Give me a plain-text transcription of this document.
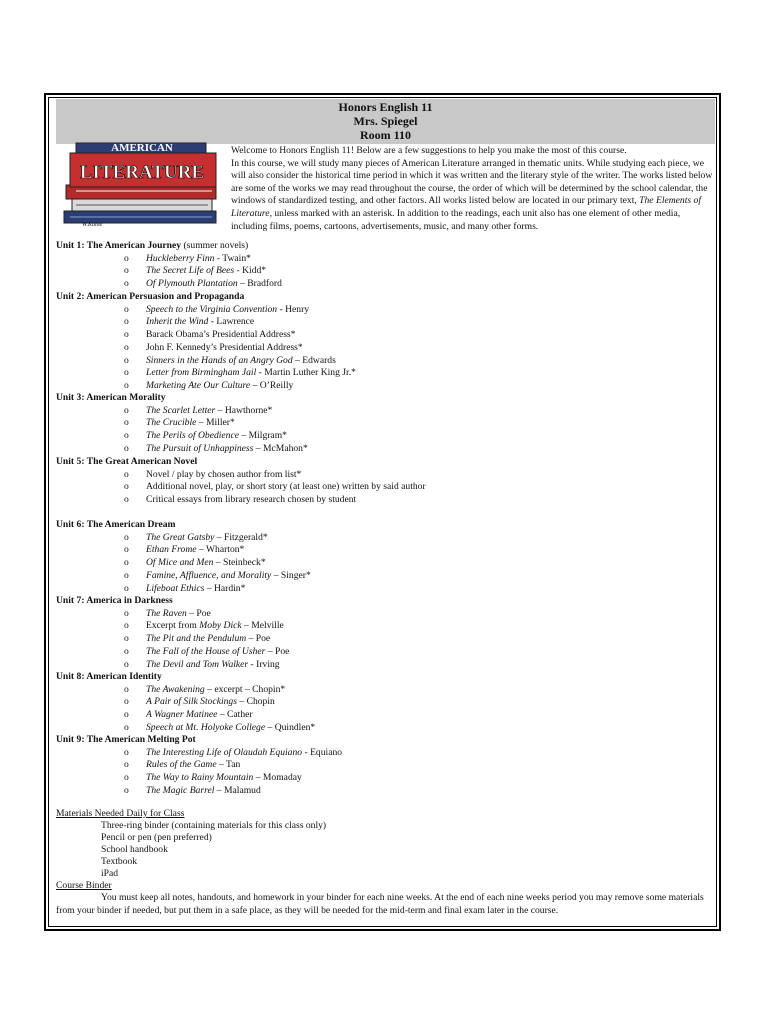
Honors English 11
Mrs. Spiegel
Room 110
AMERICAN
LITERATURE
W.Kaine
Welcome to Honors English 11! Below are a few suggestions to help you make the most of this course.
In this course, we will study many pieces of American Literature arranged in thematic units. While studying each piece, we will also consider the historical time period in which it was written and the literary style of the writer. The works listed below are some of the works we may read throughout the course, the order of which will be determined by the school calendar, the windows of standardized testing, and other factors. All works listed below are located in our primary text, The Elements of Literature, unless marked with an asterisk. In addition to the readings, each unit also has one element of other media, including films, poems, cartoons, advertisements, music, and many other forms.
Unit 1: The American Journey (summer novels)
o Huckleberry Finn - Twain*
o The Secret Life of Bees - Kidd*
o Of Plymouth Plantation – Bradford
Unit 2: American Persuasion and Propaganda
o Speech to the Virginia Convention - Henry
o Inherit the Wind - Lawrence
o Barack Obama’s Presidential Address*
o John F. Kennedy’s Presidential Address*
o Sinners in the Hands of an Angry God – Edwards
o Letter from Birmingham Jail - Martin Luther King Jr.*
o Marketing Ate Our Culture – O’Reilly
Unit 3: American Morality
o The Scarlet Letter – Hawthorne*
o The Crucible – Miller*
o The Perils of Obedience – Milgram*
o The Pursuit of Unhappiness – McMahon*
Unit 5: The Great American Novel
o Novel / play by chosen author from list*
o Additional novel, play, or short story (at least one) written by said author
o Critical essays from library research chosen by student
Unit 6: The American Dream
o The Great Gatsby – Fitzgerald*
o Ethan Frome – Wharton*
o Of Mice and Men – Steinbeck*
o Famine, Affluence, and Morality – Singer*
o Lifeboat Ethics – Hardin*
Unit 7: America in Darkness
o The Raven – Poe
o Excerpt from Moby Dick – Melville
o The Pit and the Pendulum – Poe
o The Fall of the House of Usher – Poe
o The Devil and Tom Walker - Irving
Unit 8: American Identity
o The Awakening – excerpt – Chopin*
o A Pair of Silk Stockings – Chopin
o A Wagner Matinee – Cather
o Speech at Mt. Holyoke College – Quindlen*
Unit 9: The American Melting Pot
o The Interesting Life of Olaudah Equiano - Equiano
o Rules of the Game – Tan
o The Way to Rainy Mountain – Momaday
o The Magic Barrel – Malamud
Materials Needed Daily for Class
Three-ring binder (containing materials for this class only)
Pencil or pen (pen preferred)
School handbook
Textbook
iPad
Course Binder
You must keep all notes, handouts, and homework in your binder for each nine weeks. At the end of each nine weeks period you may remove some materials from your binder if needed, but put them in a safe place, as they will be needed for the mid-term and final exam later in the course.
